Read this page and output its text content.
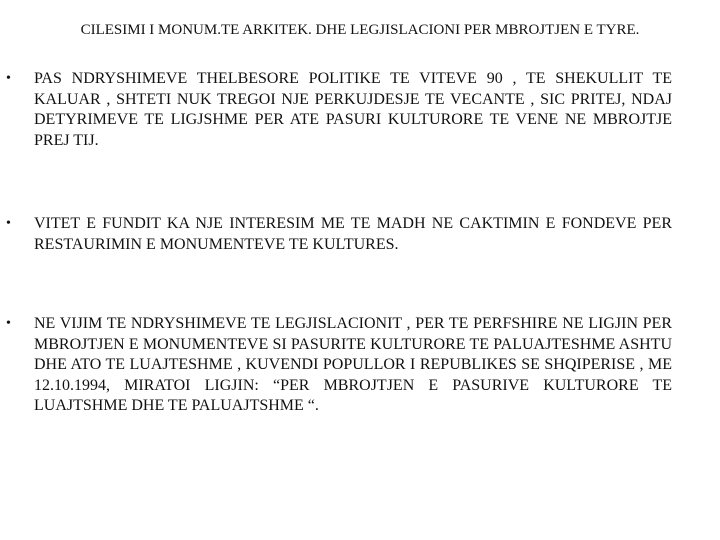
CILESIMI I MONUM.TE ARKITEK. DHE LEGJISLACIONI PER MBROJTJEN E TYRE.
•	PAS NDRYSHIMEVE THELBESORE POLITIKE TE VITEVE 90 , TE SHEKULLIT TE KALUAR , SHTETI NUK TREGOI NJE PERKUJDESJE TE VECANTE , SIC PRITEJ, NDAJ DETYRIMEVE TE LIGJSHME PER ATE PASURI KULTURORE TE VENE NE MBROJTJE PREJ TIJ.
•	VITET E FUNDIT KA NJE INTERESIM ME TE MADH NE CAKTIMIN E FONDEVE PER RESTAURIMIN E MONUMENTEVE TE KULTURES.
•	NE VIJIM TE NDRYSHIMEVE TE LEGJISLACIONIT , PER TE PERFSHIRE NE LIGJIN PER MBROJTJEN E MONUMENTEVE SI PASURITE KULTURORE TE PALUAJTESHME ASHTU DHE ATO TE LUAJTESHME , KUVENDI POPULLOR I REPUBLIKES SE SHQIPERISE , ME 12.10.1994, MIRATOI LIGJIN: “PER MBROJTJEN E PASURIVE KULTURORE TE LUAJTSHME DHE TE PALUAJTSHME “.
